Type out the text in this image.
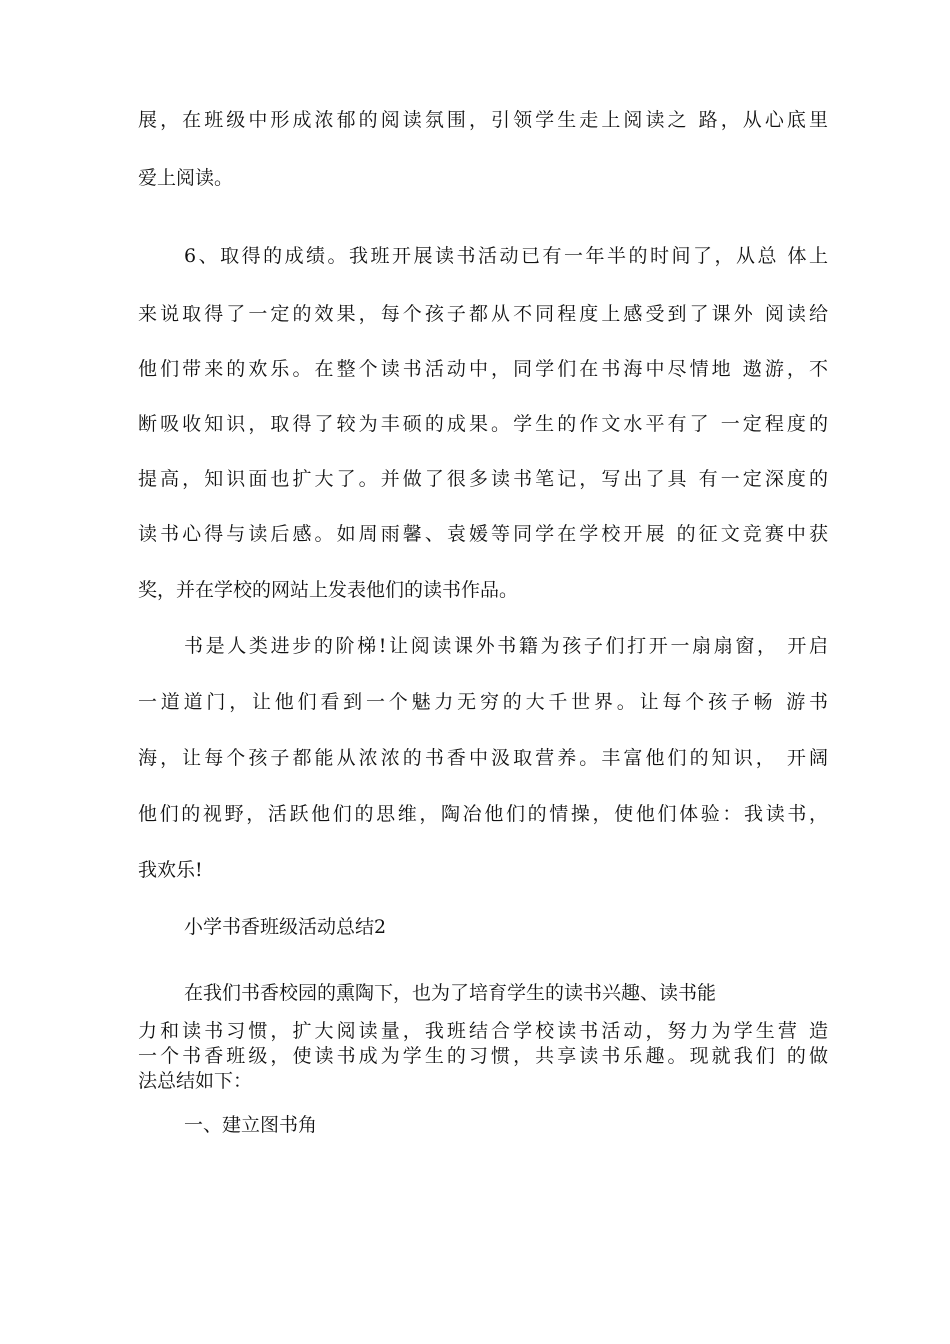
展，在班级中形成浓郁的阅读氛围，引领学生走上阅读之 路，从心底里
爱上阅读。
6、取得的成绩。我班开展读书活动已有一年半的时间了，从总 体上
来说取得了一定的效果，每个孩子都从不同程度上感受到了课外 阅读给
他们带来的欢乐。在整个读书活动中，同学们在书海中尽情地 遨游，不
断吸收知识，取得了较为丰硕的成果。学生的作文水平有了 一定程度的
提高，知识面也扩大了。并做了很多读书笔记，写出了具 有一定深度的
读书心得与读后感。如周雨馨、袁媛等同学在学校开展 的征文竞赛中获
奖，并在学校的网站上发表他们的读书作品。
书是人类进步的阶梯!让阅读课外书籍为孩子们打开一扇扇窗， 开启
一道道门，让他们看到一个魅力无穷的大千世界。让每个孩子畅 游书
海，让每个孩子都能从浓浓的书香中汲取营养。丰富他们的知识， 开阔
他们的视野，活跃他们的思维，陶冶他们的情操，使他们体验：我读书，
我欢乐!
小学书香班级活动总结2
在我们书香校园的熏陶下，也为了培育学生的读书兴趣、读书能
力和读书习惯，扩大阅读量，我班结合学校读书活动，努力为学生营 造
一个书香班级，使读书成为学生的习惯，共享读书乐趣。现就我们 的做
法总结如下：
一、建立图书角
